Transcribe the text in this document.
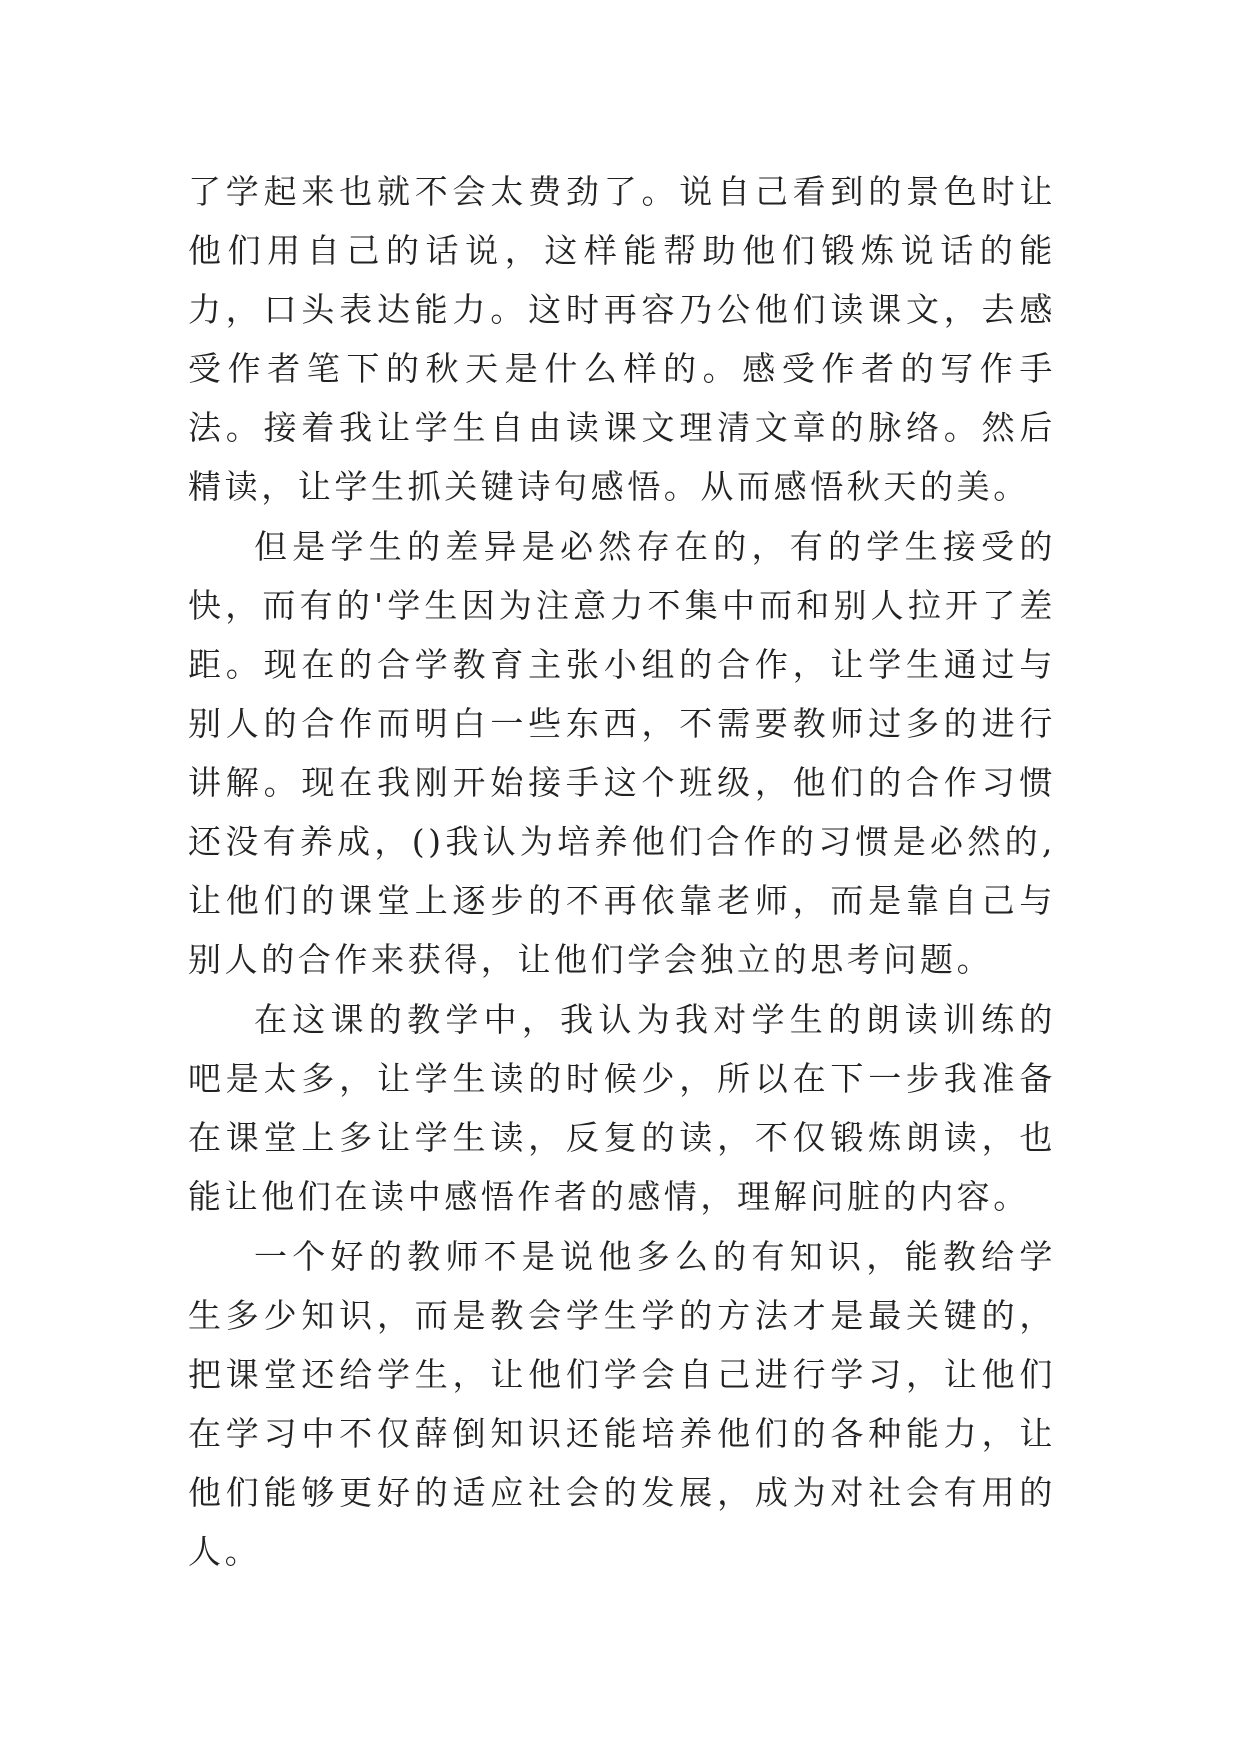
了学起来也就不会太费劲了。说自己看到的景色时让他们用自己的话说，这样能帮助他们锻炼说话的能力，口头表达能力。这时再容乃公他们读课文，去感受作者笔下的秋天是什么样的。感受作者的写作手法。接着我让学生自由读课文理清文章的脉络。然后精读，让学生抓关键诗句感悟。从而感悟秋天的美。

但是学生的差异是必然存在的，有的学生接受的快，而有的'学生因为注意力不集中而和别人拉开了差距。现在的合学教育主张小组的合作，让学生通过与别人的合作而明白一些东西，不需要教师过多的进行讲解。现在我刚开始接手这个班级，他们的合作习惯还没有养成，()我认为培养他们合作的习惯是必然的,让他们的课堂上逐步的不再依靠老师，而是靠自己与别人的合作来获得，让他们学会独立的思考问题。

在这课的教学中，我认为我对学生的朗读训练的吧是太多，让学生读的时候少，所以在下一步我准备在课堂上多让学生读，反复的读，不仅锻炼朗读，也能让他们在读中感悟作者的感情，理解问脏的内容。

一个好的教师不是说他多么的有知识，能教给学生多少知识，而是教会学生学的方法才是最关键的，把课堂还给学生，让他们学会自己进行学习，让他们在学习中不仅薛倒知识还能培养他们的各种能力，让他们能够更好的适应社会的发展，成为对社会有用的人。
